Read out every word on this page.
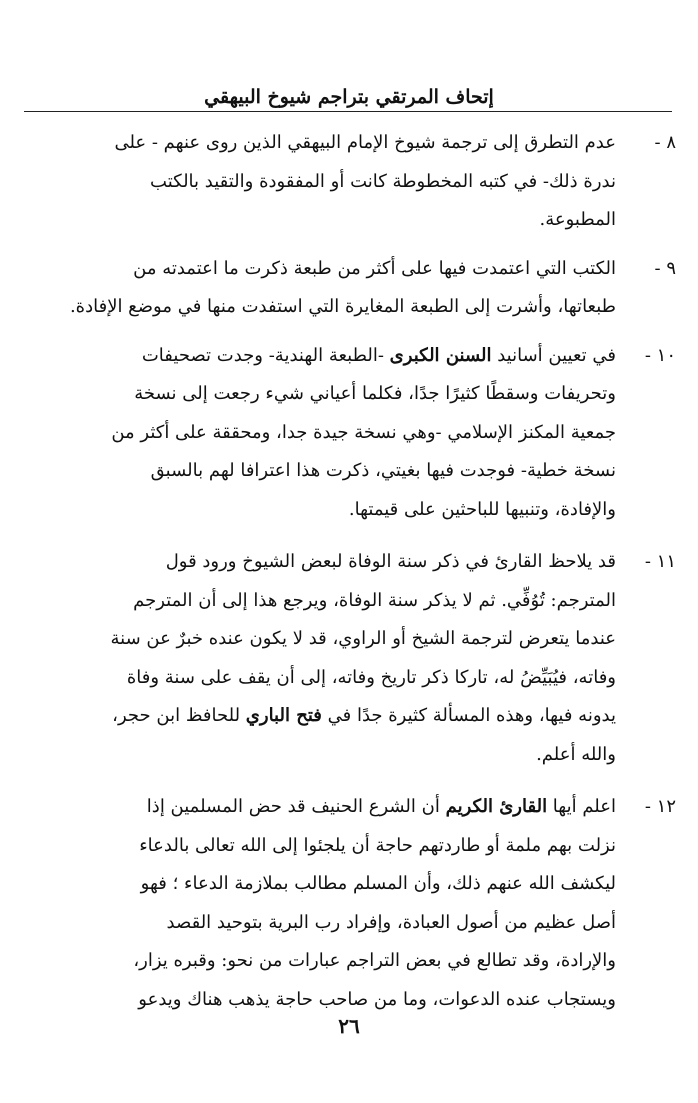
إتحاف المرتقي بتراجم شيوخ البيهقي
٨ -
عدم التطرق إلى ترجمة شيوخ الإمام البيهقي الذين روى عنهم - على
ندرة ذلك- في كتبه المخطوطة كانت أو المفقودة والتقيد بالكتب
المطبوعة.
٩ -
الكتب التي اعتمدت فيها على أكثر من طبعة ذكرت ما اعتمدته من
طبعاتها، وأشرت إلى الطبعة المغايرة التي استفدت منها في موضع الإفادة.
١٠ -
في تعيين أسانيد السنن الكبرى -الطبعة الهندية- وجدت تصحيفات
وتحريفات وسقطًا كثيرًا جدًا، فكلما أعياني شيء رجعت إلى نسخة
جمعية المكنز الإسلامي -وهي نسخة جيدة جدا، ومحققة على أكثر من
نسخة خطية- فوجدت فيها بغيتي، ذكرت هذا اعترافا لهم بالسبق
والإفادة، وتنبيها للباحثين على قيمتها.
١١ -
قد يلاحظ القارئ في ذكر سنة الوفاة لبعض الشيوخ ورود قول
المترجم: تُوُفِّي. ثم لا يذكر سنة الوفاة، ويرجع هذا إلى أن المترجم
عندما يتعرض لترجمة الشيخ أو الراوي، قد لا يكون عنده خبرٌ عن سنة
وفاته، فيُبَيِّضُ له، تاركا ذكر تاريخ وفاته، إلى أن يقف على سنة وفاة
يدونه فيها، وهذه المسألة كثيرة جدًا في فتح الباري للحافظ ابن حجر،
والله أعلم.
١٢ -
اعلم أيها القارئ الكريم أن الشرع الحنيف قد حض المسلمين إذا
نزلت بهم ملمة أو طاردتهم حاجة أن يلجئوا إلى الله تعالى بالدعاء
ليكشف الله عنهم ذلك، وأن المسلم مطالب بملازمة الدعاء ؛ فهو
أصل عظيم من أصول العبادة، وإفراد رب البرية بتوحيد القصد
والإرادة، وقد تطالع في بعض التراجم عبارات من نحو: وقبره يزار،
ويستجاب عنده الدعوات، وما من صاحب حاجة يذهب هناك ويدعو
٢٦
